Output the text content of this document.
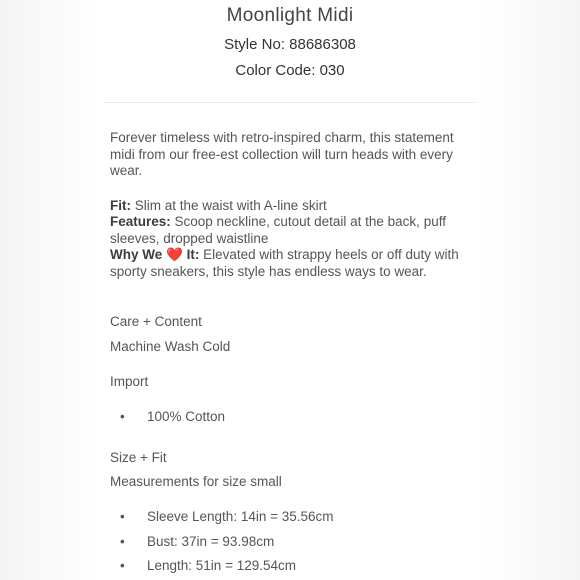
Moonlight Midi
Style No: 88686308
Color Code: 030

Forever timeless with retro-inspired charm, this statement midi from our free-est collection will turn heads with every wear.

Fit: Slim at the waist with A-line skirt

Features: Scoop neckline, cutout detail at the back, puff sleeves, dropped waistline

Why We ❤️ It: Elevated with strappy heels or off duty with sporty sneakers, this style has endless ways to wear.

Care + Content
Machine Wash Cold
Import
• 100% Cotton
Size + Fit
Measurements for size small
• Sleeve Length: 14in = 35.56cm
• Bust: 37in = 93.98cm
• Length: 51in = 129.54cm
